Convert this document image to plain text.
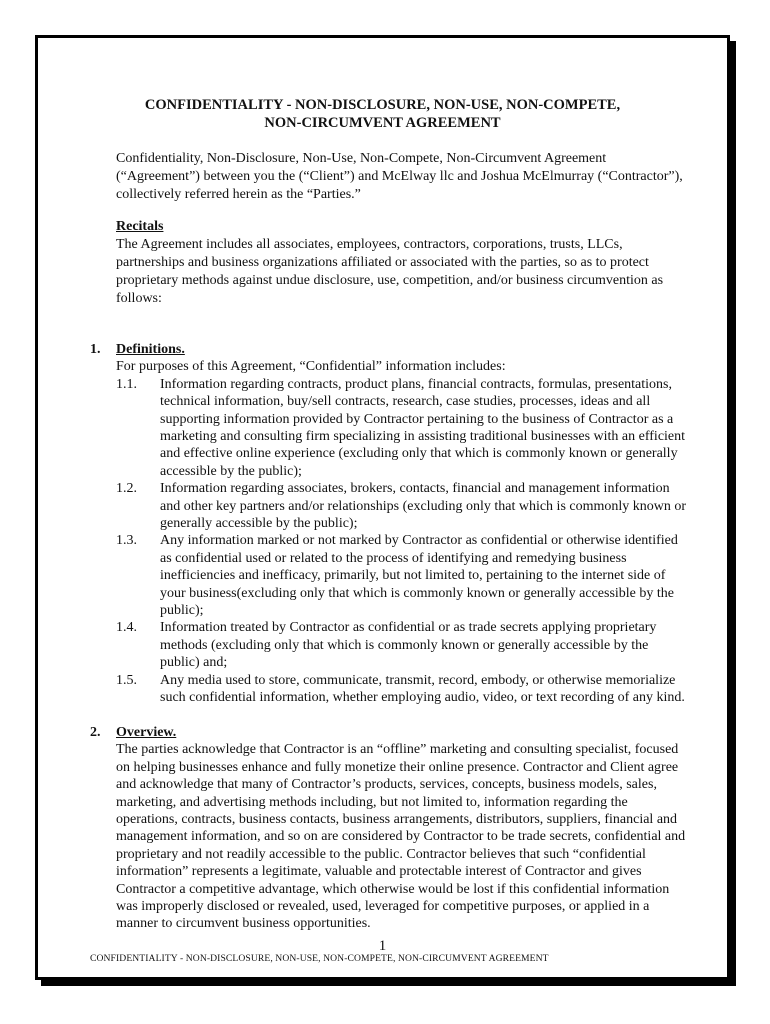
CONFIDENTIALITY - NON-DISCLOSURE, NON-USE, NON-COMPETE,
NON-CIRCUMVENT AGREEMENT
Confidentiality, Non-Disclosure, Non-Use, Non-Compete, Non-Circumvent Agreement (“Agreement”) between you the (“Client”) and McElway llc and Joshua McElmurray (“Contractor”), collectively referred herein as the “Parties.”
Recitals
The Agreement includes all associates, employees, contractors, corporations, trusts, LLCs, partnerships and business organizations affiliated or associated with the parties, so as to protect proprietary methods against undue disclosure, use, competition, and/or business circumvention as follows:
1. Definitions.
For purposes of this Agreement, “Confidential” information includes:
1.1. Information regarding contracts, product plans, financial contracts, formulas, presentations, technical information, buy/sell contracts, research, case studies, processes, ideas and all supporting information provided by Contractor pertaining to the business of Contractor as a marketing and consulting firm specializing in assisting traditional businesses with an efficient and effective online experience (excluding only that which is commonly known or generally accessible by the public);
1.2. Information regarding associates, brokers, contacts, financial and management information and other key partners and/or relationships (excluding only that which is commonly known or generally accessible by the public);
1.3. Any information marked or not marked by Contractor as confidential or otherwise identified as confidential used or related to the process of identifying and remedying business inefficiencies and inefficacy, primarily, but not limited to, pertaining to the internet side of your business(excluding only that which is commonly known or generally accessible by the public);
1.4. Information treated by Contractor as confidential or as trade secrets applying proprietary methods (excluding only that which is commonly known or generally accessible by the public) and;
1.5. Any media used to store, communicate, transmit, record, embody, or otherwise memorialize such confidential information, whether employing audio, video, or text recording of any kind.
2. Overview.
The parties acknowledge that Contractor is an “offline” marketing and consulting specialist, focused on helping businesses enhance and fully monetize their online presence. Contractor and Client agree and acknowledge that many of Contractor’s products, services, concepts, business models, sales, marketing, and advertising methods including, but not limited to, information regarding the operations, contracts, business contacts, business arrangements, distributors, suppliers, financial and management information, and so on are considered by Contractor to be trade secrets, confidential and proprietary and not readily accessible to the public. Contractor believes that such “confidential information” represents a legitimate, valuable and protectable interest of Contractor and gives Contractor a competitive advantage, which otherwise would be lost if this confidential information was improperly disclosed or revealed, used, leveraged for competitive purposes, or applied in a manner to circumvent business opportunities.
1
CONFIDENTIALITY - NON-DISCLOSURE, NON-USE, NON-COMPETE, NON-CIRCUMVENT AGREEMENT
